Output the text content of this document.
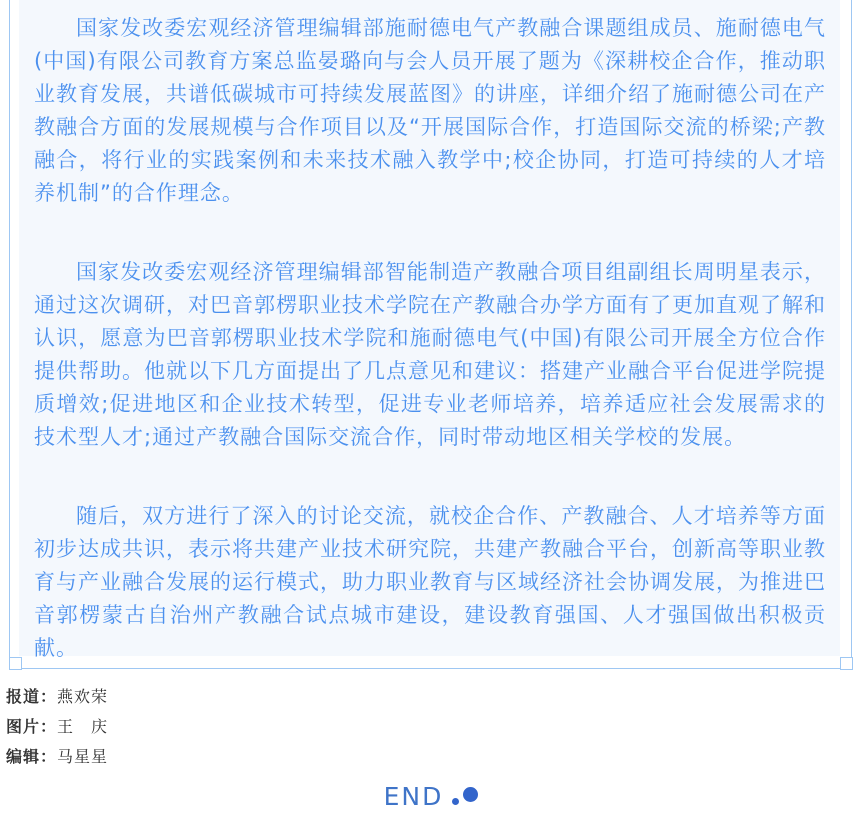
国家发改委宏观经济管理编辑部施耐德电气产教融合课题组成员、施耐德电气(中国)有限公司教育方案总监晏璐向与会人员开展了题为《深耕校企合作，推动职业教育发展，共谱低碳城市可持续发展蓝图》的讲座，详细介绍了施耐德公司在产教融合方面的发展规模与合作项目以及“开展国际合作，打造国际交流的桥梁;产教融合，将行业的实践案例和未来技术融入教学中;校企协同，打造可持续的人才培养机制”的合作理念。

国家发改委宏观经济管理编辑部智能制造产教融合项目组副组长周明星表示，通过这次调研，对巴音郭楞职业技术学院在产教融合办学方面有了更加直观了解和认识，愿意为巴音郭楞职业技术学院和施耐德电气(中国)有限公司开展全方位合作提供帮助。他就以下几方面提出了几点意见和建议：搭建产业融合平台促进学院提质增效;促进地区和企业技术转型，促进专业老师培养，培养适应社会发展需求的技术型人才;通过产教融合国际交流合作，同时带动地区相关学校的发展。

随后，双方进行了深入的讨论交流，就校企合作、产教融合、人才培养等方面初步达成共识，表示将共建产业技术研究院，共建产教融合平台，创新高等职业教育与产业融合发展的运行模式，助力职业教育与区域经济社会协调发展，为推进巴音郭楞蒙古自治州产教融合试点城市建设，建设教育强国、人才强国做出积极贡献。

报道：燕欢荣
图片：王　庆
编辑：马星星
END
